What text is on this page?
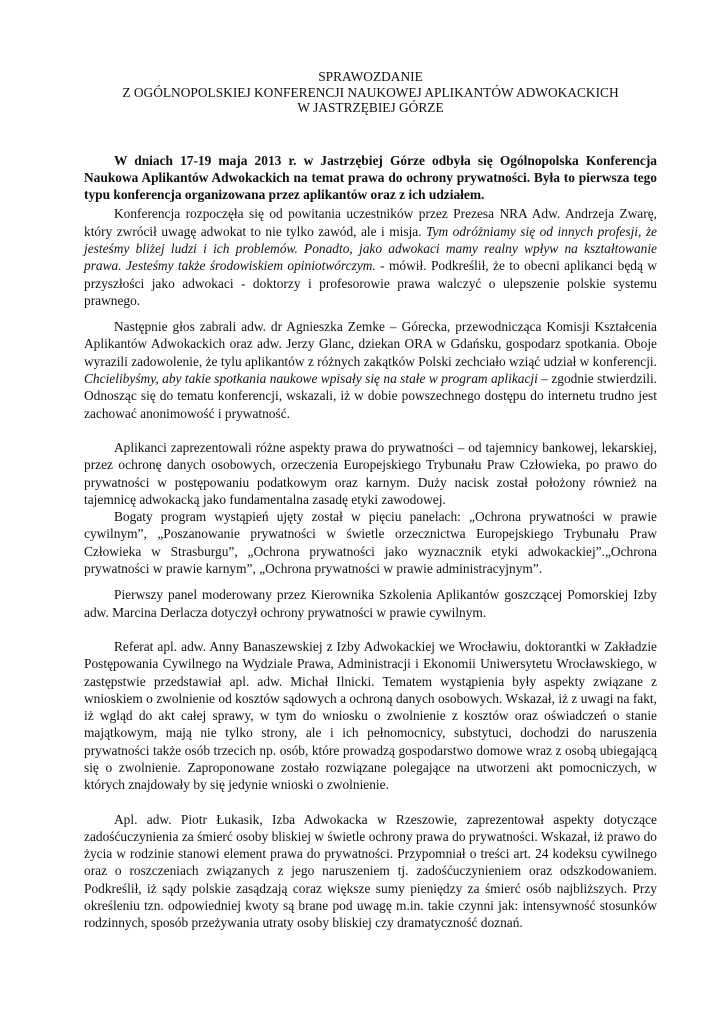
SPRAWOZDANIE
Z OGÓLNOPOLSKIEJ KONFERENCJI NAUKOWEJ APLIKANTÓW ADWOKACKICH
W JASTRZĘBIEJ GÓRZE

W dniach 17-19 maja 2013 r. w Jastrzębiej Górze odbyła się Ogólnopolska Konferencja Naukowa Aplikantów Adwokackich na temat prawa do ochrony prywatności. Była to pierwsza tego typu konferencja organizowana przez aplikantów oraz z ich udziałem.

Konferencja rozpoczęła się od powitania uczestników przez Prezesa NRA Adw. Andrzeja Zwarę, który zwrócił uwagę adwokat to nie tylko zawód, ale i misja. Tym odróżniamy się od innych profesji, że jesteśmy bliżej ludzi i ich problemów. Ponadto, jako adwokaci mamy realny wpływ na kształtowanie prawa. Jesteśmy także środowiskiem opiniotwórczym. - mówił. Podkreślił, że to obecni aplikanci będą w przyszłości jako adwokaci - doktorzy i profesorowie prawa walczyć o ulepszenie polskie systemu prawnego.

Następnie głos zabrali adw. dr Agnieszka Zemke – Górecka, przewodnicząca Komisji Kształcenia Aplikantów Adwokackich oraz adw. Jerzy Glanc, dziekan ORA w Gdańsku, gospodarz spotkania. Oboje wyrazili zadowolenie, że tylu aplikantów z różnych zakątków Polski zechciało wziąć udział w konferencji. Chcielibyśmy, aby takie spotkania naukowe wpisały się na stałe w program aplikacji – zgodnie stwierdzili. Odnosząc się do tematu konferencji, wskazali, iż w dobie powszechnego dostępu do internetu trudno jest zachować anonimowość i prywatność.

Aplikanci zaprezentowali różne aspekty prawa do prywatności – od tajemnicy bankowej, lekarskiej, przez ochronę danych osobowych, orzeczenia Europejskiego Trybunału Praw Człowieka, po prawo do prywatności w postępowaniu podatkowym oraz karnym. Duży nacisk został położony również na tajemnicę adwokacką jako fundamentalna zasadę etyki zawodowej.

Bogaty program wystąpień ujęty został w pięciu panelach: „Ochrona prywatności w prawie cywilnym”, „Poszanowanie prywatności w świetle orzecznictwa Europejskiego Trybunału Praw Człowieka w Strasburgu”, „Ochrona prywatności jako wyznacznik etyki adwokackiej”.„Ochrona prywatności w prawie karnym”, „Ochrona prywatności w prawie administracyjnym”.

Pierwszy panel moderowany przez Kierownika Szkolenia Aplikantów goszczącej Pomorskiej Izby adw. Marcina Derlacza dotyczył ochrony prywatności w prawie cywilnym.

Referat apl. adw. Anny Banaszewskiej z Izby Adwokackiej we Wrocławiu, doktorantki w Zakładzie Postępowania Cywilnego na Wydziale Prawa, Administracji i Ekonomii Uniwersytetu Wrocławskiego, w zastępstwie przedstawiał apl. adw. Michał Ilnicki. Tematem wystąpienia były aspekty związane z wnioskiem o zwolnienie od kosztów sądowych a ochroną danych osobowych. Wskazał, iż z uwagi na fakt, iż wgląd do akt całej sprawy, w tym do wniosku o zwolnienie z kosztów oraz oświadczeń o stanie majątkowym, mają nie tylko strony, ale i ich pełnomocnicy, substytuci, dochodzi do naruszenia prywatności także osób trzecich np. osób, które prowadzą gospodarstwo domowe wraz z osobą ubiegającą się o zwolnienie. Zaproponowane zostało rozwiązane polegające na utworzeni akt pomocniczych, w których znajdowały by się jedynie wnioski o zwolnienie.

Apl. adw. Piotr Łukasik, Izba Adwokacka w Rzeszowie, zaprezentował aspekty dotyczące zadośćuczynienia za śmierć osoby bliskiej w świetle ochrony prawa do prywatności. Wskazał, iż prawo do życia w rodzinie stanowi element prawa do prywatności. Przypomniał o treści art. 24 kodeksu cywilnego oraz o roszczeniach związanych z jego naruszeniem tj. zadośćuczynieniem oraz odszkodowaniem. Podkreślił, iż sądy polskie zasądzają coraz większe sumy pieniędzy za śmierć osób najbliższych. Przy określeniu tzn. odpowiedniej kwoty są brane pod uwagę m.in. takie czynni jak: intensywność stosunków rodzinnych, sposób przeżywania utraty osoby bliskiej czy dramatyczność doznań.
